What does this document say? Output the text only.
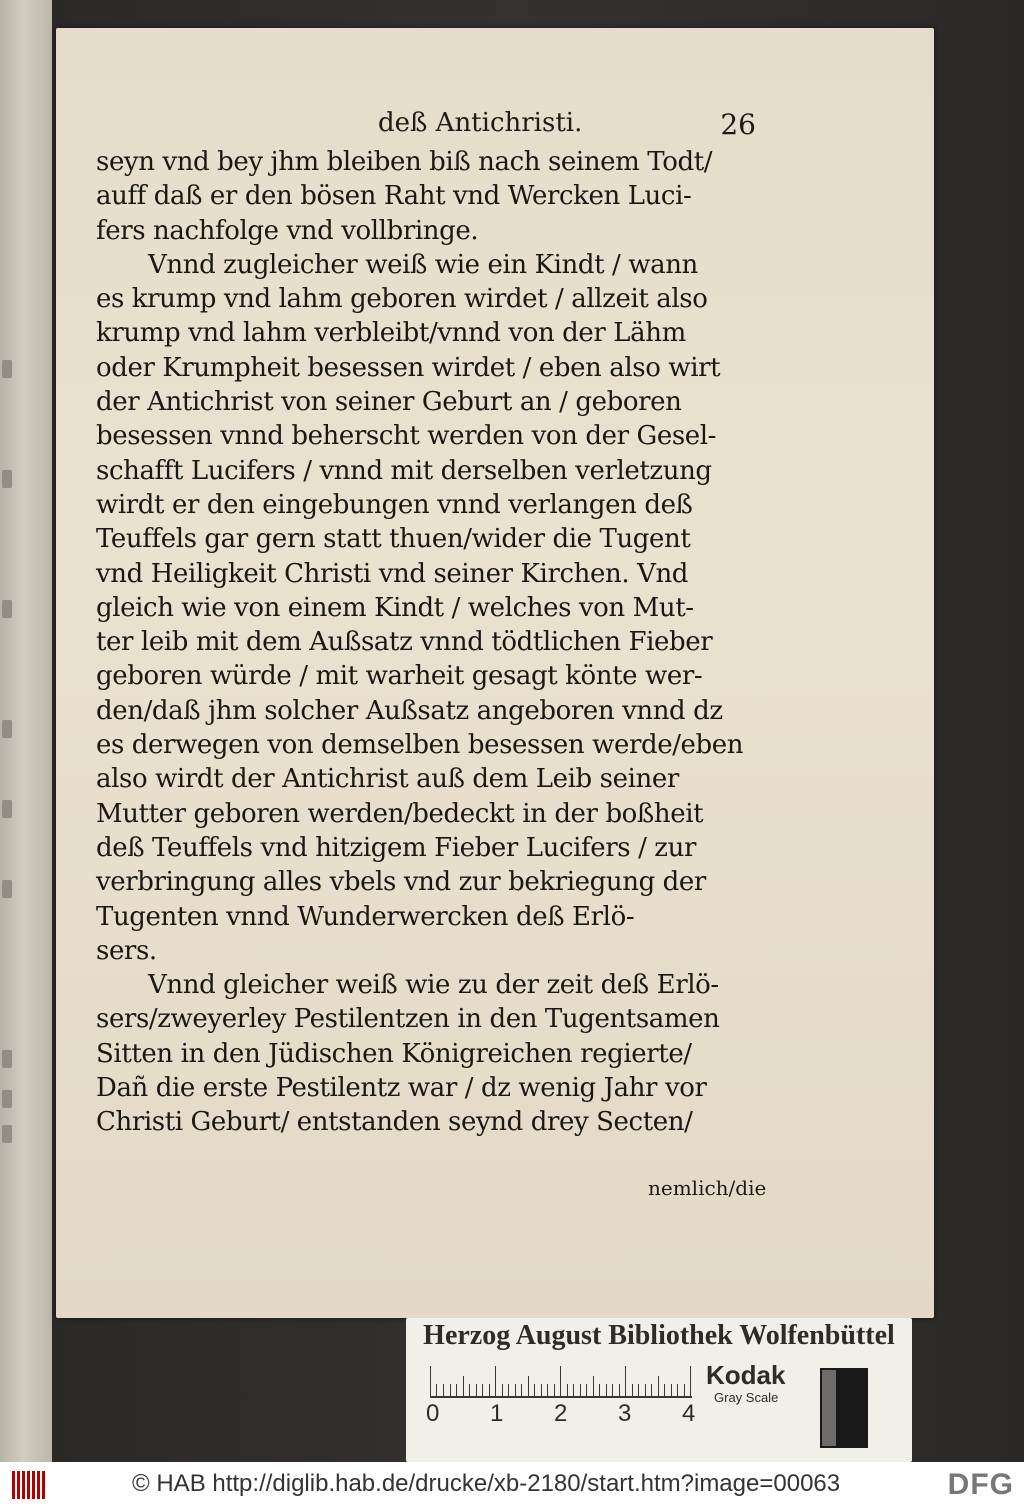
deß Antichristi.	26
seyn vnd bey jhm bleiben biß nach seinem Todt/
auff daß er den bösen Raht vnd Wercken Luci-
fers nachfolge vnd vollbringe.
Vnnd zugleicher weiß wie ein Kindt / wann
es krump vnd lahm geboren wirdet / allzeit also
krump vnd lahm verbleibt/vnnd von der Lähm
oder Krumpheit besessen wirdet / eben also wirt
der Antichrist von seiner Geburt an / geboren
besessen vnnd beherscht werden von der Gesel-
schafft Lucifers / vnnd mit derselben verletzung
wirdt er den eingebungen vnnd verlangen deß
Teuffels gar gern statt thuen/wider die Tugent
vnd Heiligkeit Christi vnd seiner Kirchen. Vnd
gleich wie von einem Kindt / welches von Mut-
ter leib mit dem Außsatz vnnd tödtlichen Fieber
geboren würde / mit warheit gesagt könte wer-
den/daß jhm solcher Außsatz angeboren vnnd dz
es derwegen von demselben besessen werde/eben
also wirdt der Antichrist auß dem Leib seiner
Mutter geboren werden/bedeckt in der boßheit
deß Teuffels vnd hitzigem Fieber Lucifers / zur
verbringung alles vbels vnd zur bekriegung der
Tugenten vnnd Wunderwercken deß Erlö-
sers.
Vnnd gleicher weiß wie zu der zeit deß Erlö-
sers/zweyerley Pestilentzen in den Tugentsamen
Sitten in den Jüdischen Königreichen regierte/
Dañ die erste Pestilentz war / dz wenig Jahr vor
Christi Geburt/ entstanden seynd drey Secten/
nemlich/die
Herzog August Bibliothek Wolfenbüttel
0 1 2 3 4
Kodak
Gray Scale
© HAB http://diglib.hab.de/drucke/xb-2180/start.htm?image=00063	DFG
